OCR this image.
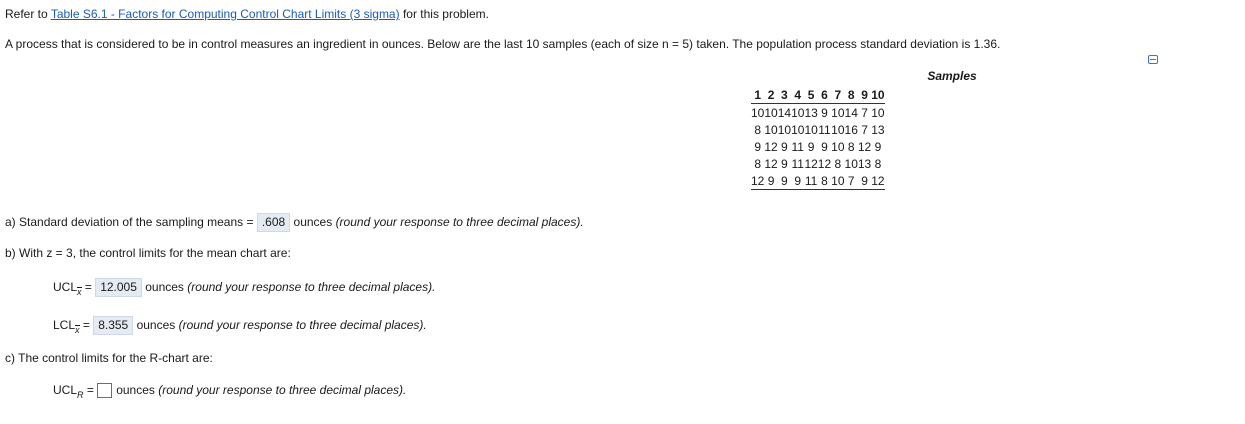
Refer to Table S6.1 - Factors for Computing Control Chart Limits (3 sigma) for this problem.
A process that is considered to be in control measures an ingredient in ounces. Below are the last 10 samples (each of size n = 5) taken. The population process standard deviation is 1.36.
Samples
1	2	3	4	5	6	7	8	9	10
10	10	14	10	13	9	10	14	7	10
8	10	10	10	10	11	10	16	7	13
9	12	9	11	9	9	10	8	12	9
8	12	9	11	12	12	8	10	13	8
12	9	9	9	11	8	10	7	9	12
a) Standard deviation of the sampling means = .608 ounces (round your response to three decimal places).
b) With z = 3, the control limits for the mean chart are:
$UCL_x = 12.005$ ounces (round your response to three decimal places).
$LCL_x = 8.355$ ounces (round your response to three decimal places).
c) The control limits for the R-chart are:
$UCL_R$ = ounces (round your response to three decimal places).
